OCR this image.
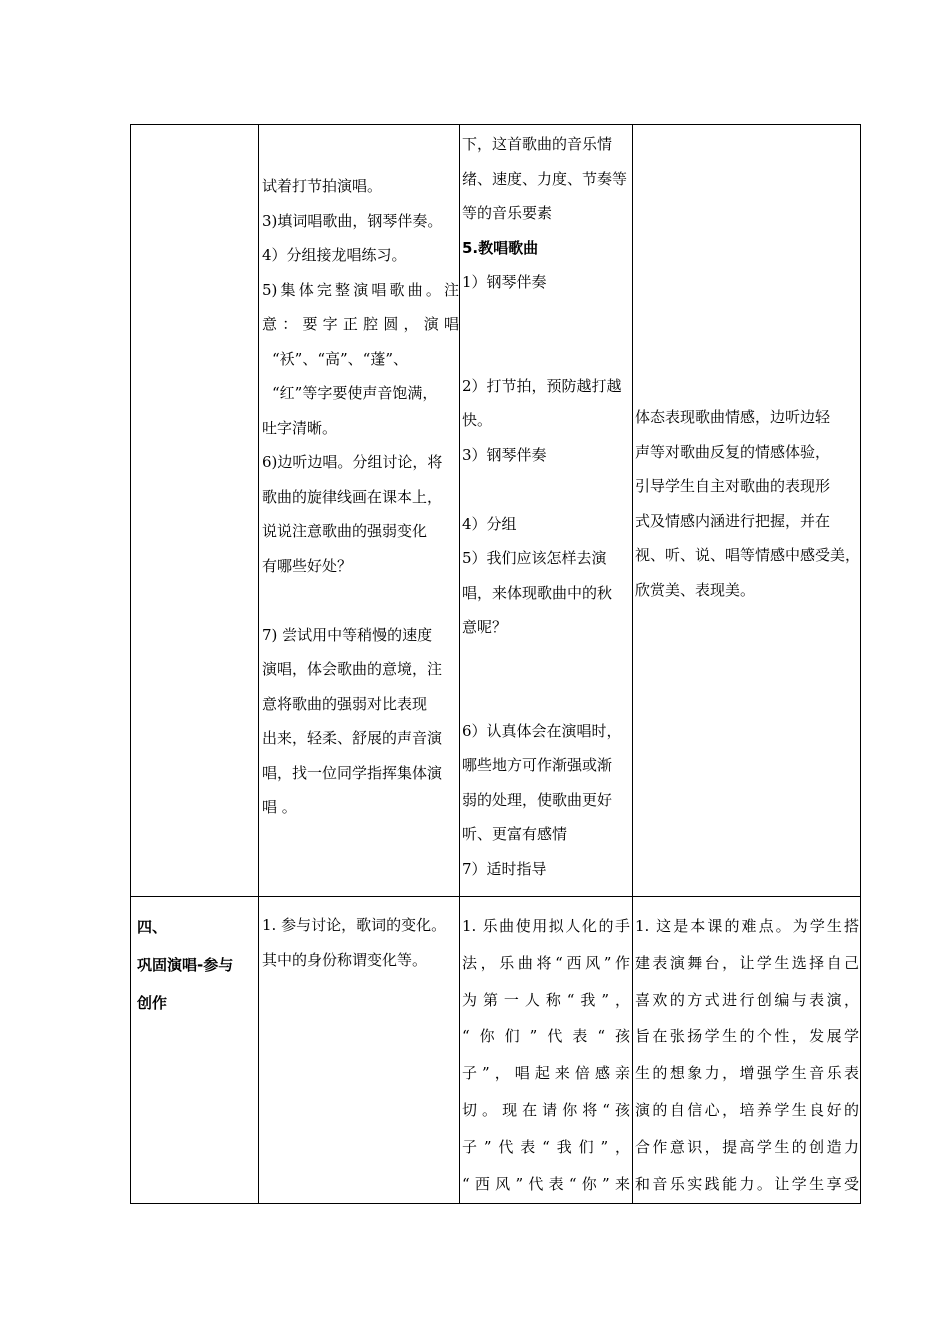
试着打节拍演唱。

3)填词唱歌曲，钢琴伴奏。

4）分组接龙唱练习。

5)集体完整演唱歌曲。注

意：要字正腔圆，演唱

“袄”、“高”、“蓬”、

“红”等字要使声音饱满，

吐字清晰。

6)边听边唱。分组讨论，将

歌曲的旋律线画在课本上，

说说注意歌曲的强弱变化

有哪些好处？

7) 尝试用中等稍慢的速度

演唱，体会歌曲的意境，注

意将歌曲的强弱对比表现

出来，轻柔、舒展的声音演

唱，找一位同学指挥集体演

唱 。

下，这首歌曲的音乐情

绪、速度、力度、节奏等

等的音乐要素

5.教唱歌曲

1）钢琴伴奏

2）打节拍，预防越打越

快。

3）钢琴伴奏

4）分组

5）我们应该怎样去演

唱，来体现歌曲中的秋

意呢？

6）认真体会在演唱时，

哪些地方可作渐强或渐

弱的处理，使歌曲更好

听、更富有感情

7）适时指导

体态表现歌曲情感，边听边轻

声等对歌曲反复的情感体验，

引导学生自主对歌曲的表现形

式及情感内涵进行把握，并在

视、听、说、唱等情感中感受美，

欣赏美、表现美。

四、

巩固演唱-参与

创作

1. 参与讨论，歌词的变化。

其中的身份称谓变化等。

1. 乐曲使用拟人化的手

法，乐曲将“西风”作

为第一人称“我”，

“你们”代表“孩

子”，唱起来倍感亲

切。现在请你将“孩

子”代表“我们”，

“西风”代表“你”来

1. 这是本课的难点。为学生搭

建表演舞台，让学生选择自己

喜欢的方式进行创编与表演，

旨在张扬学生的个性，发展学

生的想象力，增强学生音乐表

演的自信心，培养学生良好的

合作意识，提高学生的创造力

和音乐实践能力。让学生享受
